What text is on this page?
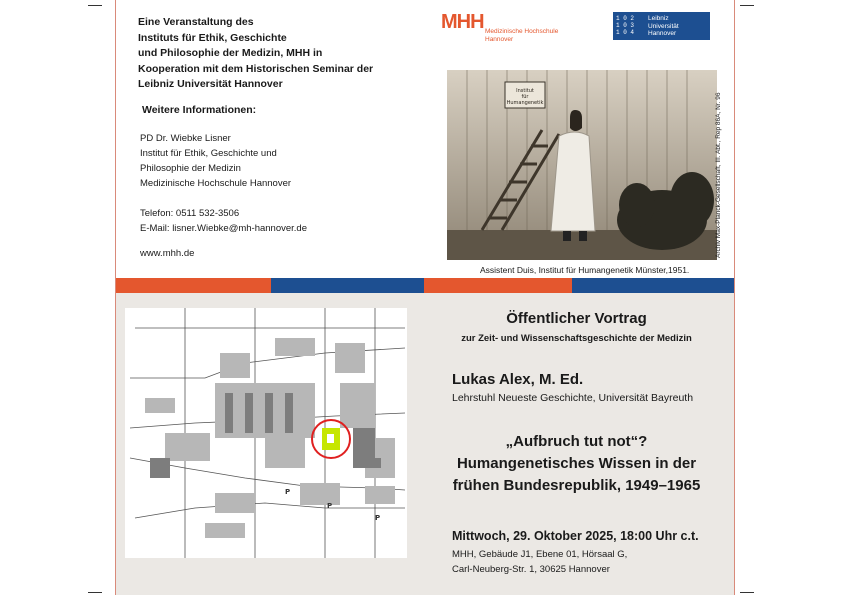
Eine Veranstaltung des
Instituts für Ethik, Geschichte
und Philosophie der Medizin, MHH in
Kooperation mit dem Historischen Seminar der
Leibniz Universität Hannover
Weitere Informationen:
PD Dr. Wiebke Lisner
Institut für Ethik, Geschichte und
Philosophie der Medizin
Medizinische Hochschule Hannover

Telefon: 0511 532-3506
E-Mail: lisner.Wiebke@mh-hannover.de
www.mhh.de
MHH Medizinische Hochschule
Hannover
1 0 2
1 0 3
1 0 4
Leibniz
Universität
Hannover
Institut
für
Humangenetik
Assistent Duis, Institut für Humangenetik Münster,1951.
Archiv Max-Planck-Gesellschaft, III. Abt., Rep 86A, Nr. 96
P
P
P
Öffentlicher Vortrag
zur Zeit- und Wissenschaftsgeschichte der Medizin
Lukas Alex, M. Ed.
Lehrstuhl Neueste Geschichte, Universität Bayreuth
„Aufbruch tut not“?
Humangenetisches Wissen in der
frühen Bundesrepublik, 1949–1965
Mittwoch, 29. Oktober 2025, 18:00 Uhr c.t.
MHH, Gebäude J1, Ebene 01, Hörsaal G,
Carl-Neuberg-Str. 1, 30625 Hannover
